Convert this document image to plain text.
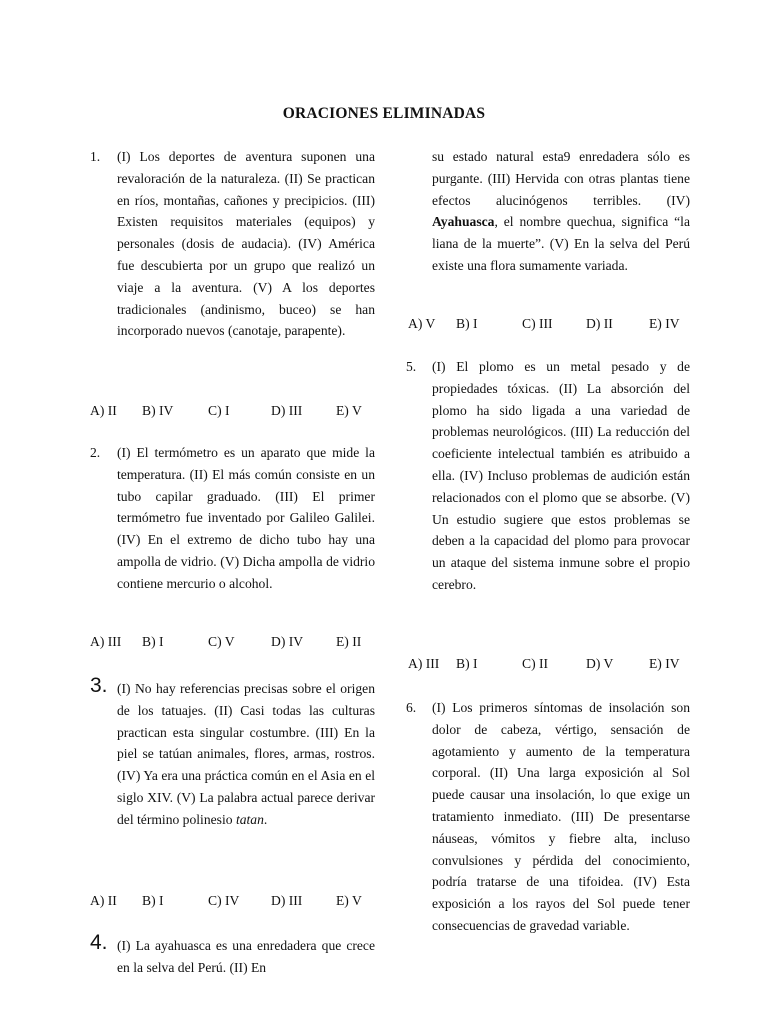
ORACIONES ELIMINADAS
1. (I) Los deportes de aventura suponen una revaloración de la naturaleza. (II) Se practican en ríos, montañas, cañones y precipicios. (III) Existen requisitos materiales (equipos) y personales (dosis de audacia). (IV) América fue descubierta por un grupo que realizó un viaje a la aventura. (V) A los deportes tradicionales (andinismo, buceo) se han incorporado nuevos (canotaje, parapente).
A) II B) IV	C) I	D) III E) V
2. (I) El termómetro es un aparato que mide la temperatura. (II) El más común consiste en un tubo capilar graduado. (III) El primer termómetro fue inventado por Galileo Galilei. (IV) En el extremo de dicho tubo hay una ampolla de vidrio. (V) Dicha ampolla de vidrio contiene mercurio o alcohol.
A) III B) I	C) V	D) IV E) II
3. (I) No hay referencias precisas sobre el origen de los tatuajes. (II) Casi todas las culturas practican esta singular costumbre. (III) En la piel se tatúan animales, flores, armas, rostros. (IV) Ya era una práctica común en el Asia en el siglo XIV. (V) La palabra actual parece derivar del término polinesio tatan.
A) II B) I	C) IV D) III E) V
4. (I) La ayahuasca es una enredadera que crece en la selva del Perú. (II) En
su estado natural esta9 enredadera sólo es purgante. (III) Hervida con otras plantas tiene efectos alucinógenos terribles. (IV) Ayahuasca, el nombre quechua, significa “la liana de la muerte”. (V) En la selva del Perú existe una flora sumamente variada.
A) V B) I	C) III D) II	E) IV
5. (I) El plomo es un metal pesado y de propiedades tóxicas. (II) La absorción del plomo ha sido ligada a una variedad de problemas neurológicos. (III) La reducción del coeficiente intelectual también es atribuido a ella. (IV) Incluso problemas de audición están relacionados con el plomo que se absorbe. (V) Un estudio sugiere que estos problemas se deben a la capacidad del plomo para provocar un ataque del sistema inmune sobre el propio cerebro.
A) III B) I	C) II	D) V	E) IV
6. (I) Los primeros síntomas de insolación son dolor de cabeza, vértigo, sensación de agotamiento y aumento de la temperatura corporal. (II) Una larga exposición al Sol puede causar una insolación, lo que exige un tratamiento inmediato. (III) De presentarse náuseas, vómitos y fiebre alta, incluso convulsiones y pérdida del conocimiento, podría tratarse de una tifoidea. (IV) Esta exposición a los rayos del Sol puede tener consecuencias de gravedad variable.
